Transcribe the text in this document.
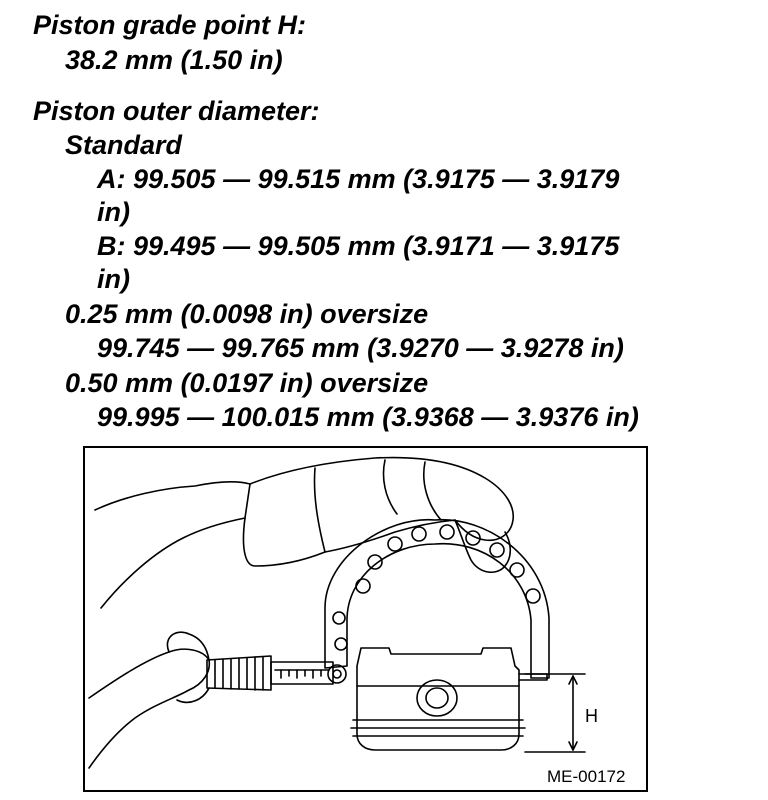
Piston grade point H:

38.2 mm (1.50 in)

Piston outer diameter:

Standard

A: 99.505 — 99.515 mm (3.9175 — 3.9179

in)

B: 99.495 — 99.505 mm (3.9171 — 3.9175

in)

0.25 mm (0.0098 in) oversize

99.745 — 99.765 mm (3.9270 — 3.9278 in)

0.50 mm (0.0197 in) oversize

99.995 — 100.015 mm (3.9368 — 3.9376 in)

H
ME-00172
